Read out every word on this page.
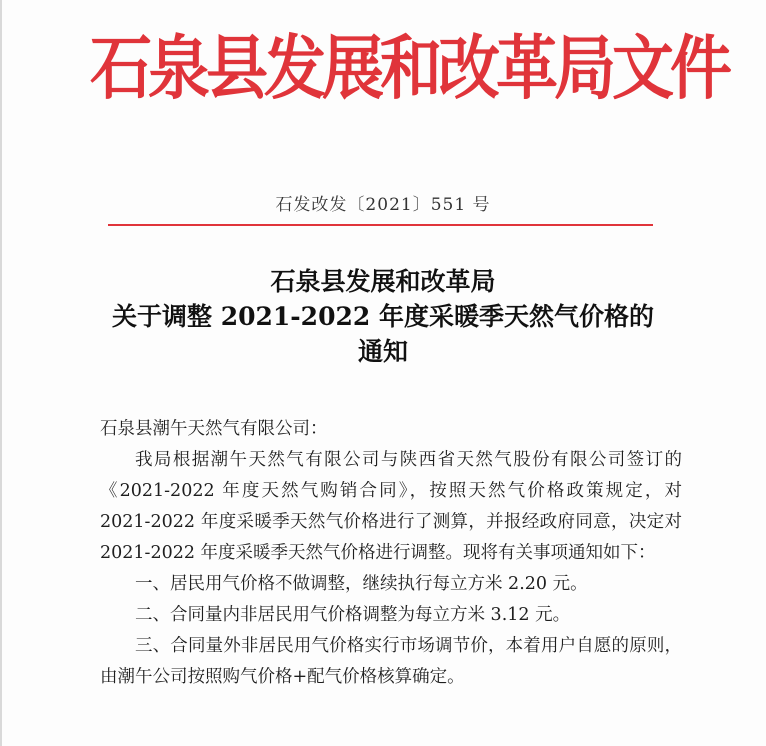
石泉县发展和改革局文件
石发改发〔2021〕551 号
石泉县发展和改革局
关于调整 2021-2022 年度采暖季天然气价格的
通知

石泉县潮午天然气有限公司：

我局根据潮午天然气有限公司与陕西省天然气股份有限公司签订的《2021-2022 年度天然气购销合同》，按照天然气价格政策规定，对 2021-2022 年度采暖季天然气价格进行了测算，并报经政府同意，决定对 2021-2022 年度采暖季天然气价格进行调整。现将有关事项通知如下：

一、居民用气价格不做调整，继续执行每立方米 2.20 元。

二、合同量内非居民用气价格调整为每立方米 3.12 元。

三、合同量外非居民用气价格实行市场调节价，本着用户自愿的原则，由潮午公司按照购气价格+配气价格核算确定。
